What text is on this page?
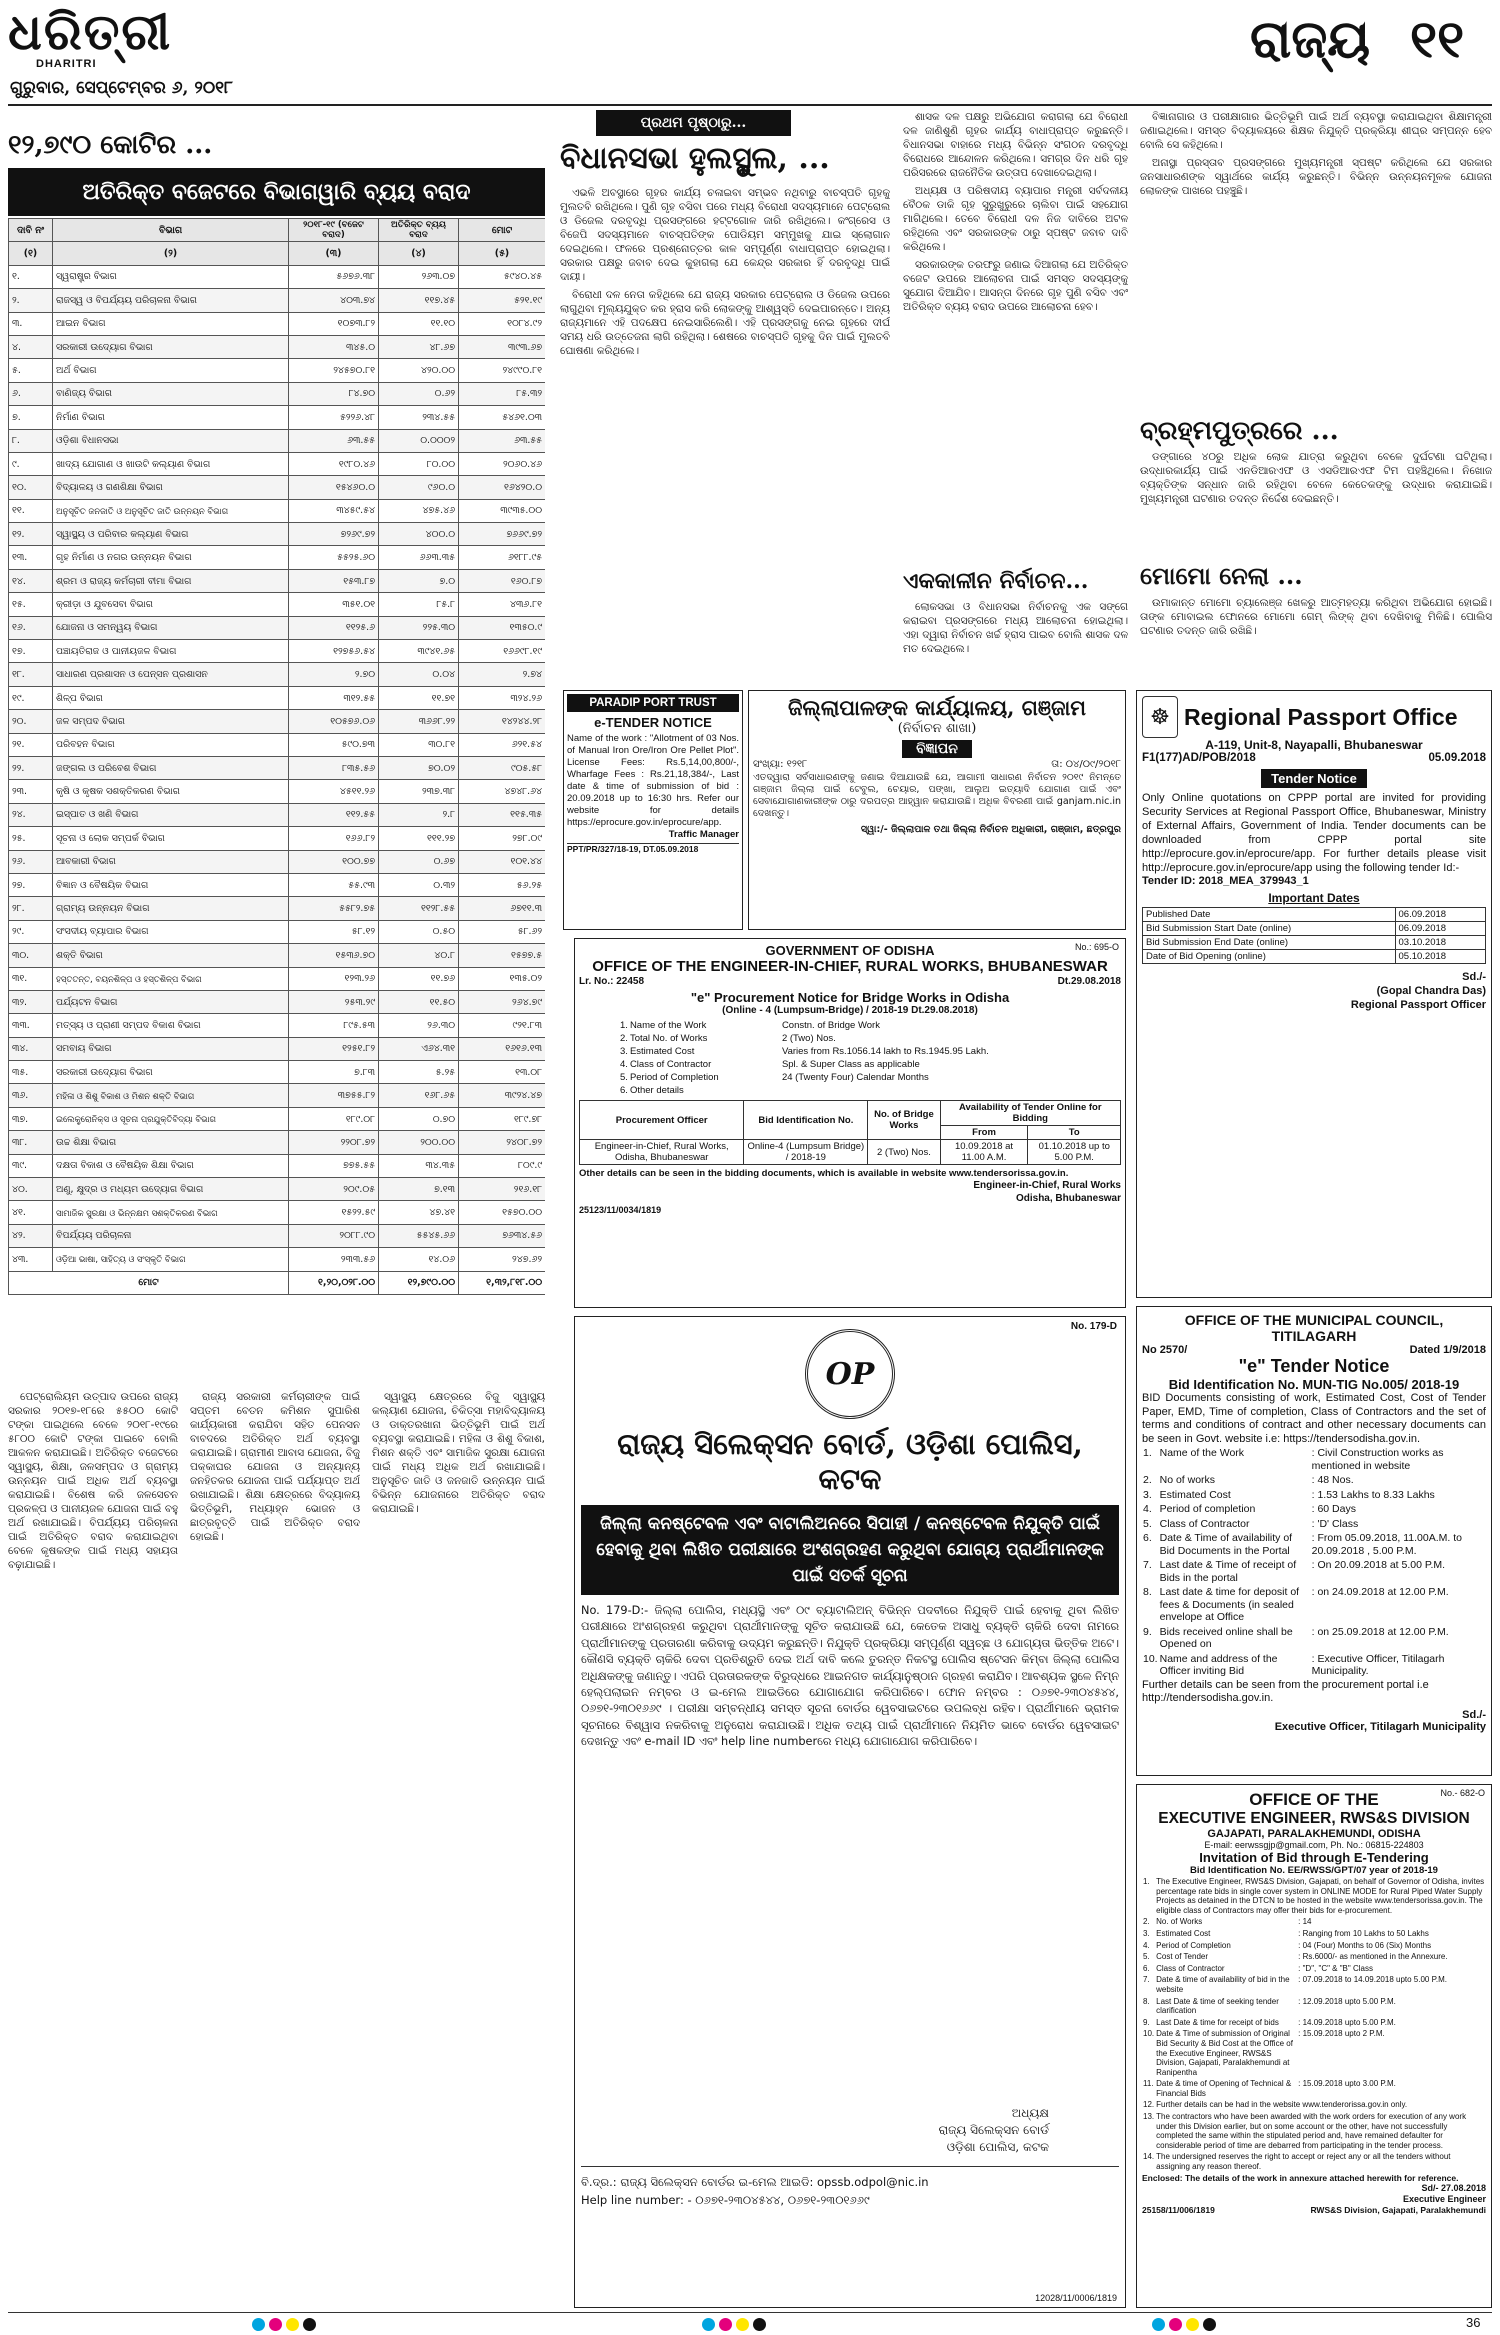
ଧରିତ୍ରୀ
DHARITRI
ଗୁରୁବାର, ସେପ୍ଟେମ୍ବର ୬, ୨୦୧୮
ରାଜ୍ୟ ୧୧
୧୨,୭୯୦ କୋଟିର ...
ଅତିରିକ୍ତ ବଜେଟରେ ବିଭାଗୱାରି ବ୍ୟୟ ବରାଦ
ଦାବି ନଂ	ବିଭାଗ	୨୦୧୮-୧୯ (ବଜେଟ ବରାଦ)	ଅତିରିକ୍ତ ବ୍ୟୟ ବରାଦ	ମୋଟ
(୧)	(୨)	(୩)	(୪)	(୫)
୧.	ସ୍ୱରାଷ୍ଟ୍ର ବିଭାଗ	୫୬୭୬.୩୮	୨୬୩.୦୭	୫୯୪୦.୪୫
୨.	ରାଜସ୍ୱ ଓ ବିପର୍ଯ୍ୟୟ ପରିଚାଳନା ବିଭାଗ	୪୦୩.୭୪	୧୧୭.୪୫	୫୨୧.୧୯
୩.	ଆଇନ ବିଭାଗ	୧୦୭୩.୮୨	୧୧.୧୦	୧୦୮୪.୯୨
୪.	ସରକାରୀ ଉଦ୍ୟୋଗ ବିଭାଗ	୩୪୫.୦	୪୮.୬୭	୩୯୩.୬୭
୫.	ଅର୍ଥ ବିଭାଗ	୨୪୫୭୦.୮୧	୪୨୦.୦୦	୨୪୯୯୦.୮୧
୬.	ବାଣିଜ୍ୟ ବିଭାଗ	୮୪.୭୦	୦.୬୨	୮୫.୩୨
୭.	ନିର୍ମାଣ ବିଭାଗ	୫୨୨୬.୪୮	୨୩୪.୫୫	୫୪୬୧.୦୩
୮.	ଓଡ଼ିଶା ବିଧାନସଭା	୬୩.୫୫	୦.୦୦୦୨	୬୩.୫୫
୯.	ଖାଦ୍ୟ ଯୋଗାଣ ଓ ଖାଉଟି କଲ୍ୟାଣ ବିଭାଗ	୧୯୮୦.୪୬	୮୦.୦୦	୨୦୬୦.୪୬
୧୦.	ବିଦ୍ୟାଳୟ ଓ ଗଣଶିକ୍ଷା ବିଭାଗ	୧୫୪୬୦.୦	୯୬୦.୦	୧୬୪୨୦.୦
୧୧.	ଅନୁସୂଚିତ ଜନଜାତି ଓ ଅନୁସୂଚିତ ଜାତି ଉନ୍ନୟନ ବିଭାଗ	୩୪୫୯.୫୪	୪୭୫.୪୬	୩୯୩୫.୦୦
୧୨.	ସ୍ୱାସ୍ଥ୍ୟ ଓ ପରିବାର କଲ୍ୟାଣ ବିଭାଗ	୭୨୬୯.୭୨	୪୦୦.୦	୭୬୬୯.୭୨
୧୩.	ଗୃହ ନିର୍ମାଣ ଓ ନଗର ଉନ୍ନୟନ ବିଭାଗ	୫୫୨୫.୬୦	୬୬୩.୩୫	୬୧୮୮.୯୫
୧୪.	ଶ୍ରମ ଓ ରାଜ୍ୟ କର୍ମଚାରୀ ବୀମା ବିଭାଗ	୧୫୩.୮୭	୭.୦	୧୬୦.୮୭
୧୫.	କ୍ରୀଡ଼ା ଓ ଯୁବସେବା ବିଭାଗ	୩୫୧.୦୧	୮୫.୮	୪୩୬.୮୧
୧୬.	ଯୋଜନା ଓ ସମନ୍ୱୟ ବିଭାଗ	୧୧୨୫.୬	୨୨୫.୩୦	୧୩୫୦.୯
୧୭.	ପଞ୍ଚାୟତିରାଜ ଓ ପାନୀୟଜଳ ବିଭାଗ	୧୨୭୫୬.୫୪	୩୯୪୧.୬୫	୧୬୬୯୮.୧୯
୧୮.	ସାଧାରଣ ପ୍ରଶାସନ ଓ ପେନ୍‌ସନ ପ୍ରଶାସନ	୨.୭୦	୦.୦୪	୨.୭୪
୧୯.	ଶିଳ୍ପ ବିଭାଗ	୩୧୨.୫୫	୧୧.୭୧	୩୨୪.୨୬
୨୦.	ଜଳ ସମ୍ପଦ ବିଭାଗ	୧୦୫୭୬.୦୬	୩୬୬୮.୨୨	୧୪୨୪୪.୨୮
୨୧.	ପରିବହନ ବିଭାଗ	୫୯୦.୭୩	୩୦.୮୧	୬୨୧.୫୪
୨୨.	ଜଙ୍ଗଲ ଓ ପରିବେଶ ବିଭାଗ	୮୩୫.୫୬	୭୦.୦୨	୯୦୫.୫୮
୨୩.	କୃଷି ଓ କୃଷକ ସଶକ୍ତିକରଣ ବିଭାଗ	୪୫୧୧.୨୬	୨୩୭.୩୮	୪୭୪୮.୬୪
୨୪.	ଇସ୍ପାତ ଓ ଖଣି ବିଭାଗ	୧୧୨.୫୫	୨.୮	୧୧୫.୩୫
୨୫.	ସୂଚନା ଓ ଲୋକ ସମ୍ପର୍କ ବିଭାଗ	୧୬୬.୮୨	୧୧୧.୨୭	୨୭୮.୦୯
୨୬.	ଆବକାରୀ ବିଭାଗ	୧୦୦.୭୭	୦.୬୭	୧୦୧.୪୪
୨୭.	ବିଜ୍ଞାନ ଓ ବୈଷୟିକ ବିଭାଗ	୫୫.୯୩	୦.୩୨	୫୬.୨୫
୨୮.	ଗ୍ରାମ୍ୟ ଉନ୍ନୟନ ବିଭାଗ	୫୫୮୨.୭୫	୧୧୨୮.୫୫	୬୭୧୧.୩
୨୯.	ସଂସଦୀୟ ବ୍ୟାପାର ବିଭାଗ	୫୮.୧୨	୦.୫୦	୫୮.୬୨
୩୦.	ଶକ୍ତି ବିଭାଗ	୧୫୩୬.୭୦	୪୦.୮	୧୫୭୭.୫
୩୧.	ହସ୍ତତନ୍ତ, ବୟନଶିଳ୍ପ ଓ ହସ୍ତଶିଳ୍ପ ବିଭାଗ	୧୨୩.୨୬	୧୧.୭୬	୧୩୫.୦୨
୩୨.	ପର୍ଯ୍ୟଟନ ବିଭାଗ	୨୫୩.୨୯	୧୧.୫୦	୨୬୪.୭୯
୩୩.	ମତ୍ସ୍ୟ ଓ ପ୍ରାଣୀ ସମ୍ପଦ ବିକାଶ ବିଭାଗ	୮୯୫.୫୩	୨୬.୩୦	୯୨୧.୮୩
୩୪.	ସମବାୟ ବିଭାଗ	୧୨୫୧.୮୨	ଏ୬୪.୩୧	୧୬୧୬.୧୩
୩୫.	ସରକାରୀ ଉଦ୍ୟୋଗ ବିଭାଗ	୭.୮୩	୫.୨୫	୧୩.୦୮
୩୬.	ମହିଳା ଓ ଶିଶୁ ବିକାଶ ଓ ମିଶନ ଶକ୍ତି ବିଭାଗ	୩୭୫୫.୮୨	୧୬୮.୬୫	୩୯୨୪.୪୭
୩୭.	ଇଲେକ୍ଟ୍ରୋନିକ୍ସ ଓ ସୂଚନା ପ୍ରଯୁକ୍ତିବିଦ୍ୟା ବିଭାଗ	୧୮୯.୦୮	୦.୭୦	୧୮୯.୭୮
୩୮.	ଉଚ୍ଚ ଶିକ୍ଷା ବିଭାଗ	୨୨୦୮.୭୨	୨୦୦.୦୦	୨୪୦୮.୭୨
୩୯.	ଦକ୍ଷତା ବିକାଶ ଓ ବୈଷୟିକ ଶିକ୍ଷା ବିଭାଗ	୭୭୫.୫୫	୩୪.୩୫	୮୦୯.୯
୪୦.	ଅଣୁ, କ୍ଷୁଦ୍ର ଓ ମଧ୍ୟମ ଉଦ୍ୟୋଗ ବିଭାଗ	୨୦୯.୦୫	୭.୧୩	୨୧୬.୧୮
୪୧.	ସାମାଜିକ ସୁରକ୍ଷା ଓ ଭିନ୍ନକ୍ଷମ ସଶକ୍ତିକରଣ ବିଭାଗ	୧୫୨୨.୫୯	୪୭.୪୧	୧୫୭୦.୦୦
୪୨.	ବିପର୍ଯ୍ୟୟ ପରିଚାଳନା	୨୦୮୮.୯୦	୫୫୪୫.୬୬	୭୬୩୪.୫୬
୪୩.	ଓଡ଼ିଆ ଭାଷା, ସାହିତ୍ୟ ଓ ସଂସ୍କୃତି ବିଭାଗ	୨୩୩.୫୬	୧୪.୦୬	୨୪୭.୬୨
ମୋଟ		୧,୨୦,୦୨୮.୦୦	୧୨,୭୯୦.୦୦	୧,୩୨,୮୧୮.୦୦

ପେଟ୍ରୋଲିୟମ ଉତ୍ପାଦ ଉପରେ ରାଜ୍ୟ ସରକାର ୨୦୧୭-୧୮ରେ ୫୫୦୦ କୋଟି ଟଙ୍କା ପାଇଥିଲେ ବେଳେ ୨୦୧୮-୧୯ରେ ୫୮୦୦ କୋଟି ଟଙ୍କା ପାଇବେ ବୋଲି ଆକଳନ କରାଯାଇଛି। ଅତିରିକ୍ତ ବଜେଟରେ ସ୍ୱାସ୍ଥ୍ୟ, ଶିକ୍ଷା, ଜଳସମ୍ପଦ ଓ ଗ୍ରାମ୍ୟ ଉନ୍ନୟନ ପାଇଁ ଅଧିକ ଅର୍ଥ ବ୍ୟବସ୍ଥା କରାଯାଇଛି। ବିଶେଷ କରି ଜଳସେଚନ ପ୍ରକଳ୍ପ ଓ ପାନୀୟଜଳ ଯୋଜନା ପାଇଁ ବହୁ ଅର୍ଥ ରଖାଯାଇଛି। ବିପର୍ଯ୍ୟୟ ପରିଚାଳନା ପାଇଁ ଅତିରିକ୍ତ ବରାଦ କରାଯାଇଥିବା ବେଳେ କୃଷକଙ୍କ ପାଇଁ ମଧ୍ୟ ସହାୟତା ବଢ଼ାଯାଇଛି।

ରାଜ୍ୟ ସରକାରୀ କର୍ମଚାରୀଙ୍କ ପାଇଁ ସପ୍ତମ ବେତନ କମିଶନ ସୁପାରିଶ କାର୍ଯ୍ୟକାରୀ କରାଯିବା ସହିତ ପେନସନ ବାବଦରେ ଅତିରିକ୍ତ ଅର୍ଥ ବ୍ୟବସ୍ଥା କରାଯାଇଛି। ଗ୍ରାମୀଣ ଆବାସ ଯୋଜନା, ବିଜୁ ପକ୍କାଘର ଯୋଜନା ଓ ଅନ୍ୟାନ୍ୟ ଜନହିତକର ଯୋଜନା ପାଇଁ ପର୍ଯ୍ୟାପ୍ତ ଅର୍ଥ ରଖାଯାଇଛି। ଶିକ୍ଷା କ୍ଷେତ୍ରରେ ବିଦ୍ୟାଳୟ ଭିତ୍ତିଭୂମି, ମଧ୍ୟାହ୍ନ ଭୋଜନ ଓ ଛାତ୍ରବୃତ୍ତି ପାଇଁ ଅତିରିକ୍ତ ବରାଦ ହୋଇଛି।

ସ୍ୱାସ୍ଥ୍ୟ କ୍ଷେତ୍ରରେ ବିଜୁ ସ୍ୱାସ୍ଥ୍ୟ କଲ୍ୟାଣ ଯୋଜନା, ଚିକିତ୍ସା ମହାବିଦ୍ୟାଳୟ ଓ ଡାକ୍ତରଖାନା ଭିତ୍ତିଭୂମି ପାଇଁ ଅର୍ଥ ବ୍ୟବସ୍ଥା କରାଯାଇଛି। ମହିଳା ଓ ଶିଶୁ ବିକାଶ, ମିଶନ ଶକ୍ତି ଏବଂ ସାମାଜିକ ସୁରକ୍ଷା ଯୋଜନା ପାଇଁ ମଧ୍ୟ ଅଧିକ ଅର୍ଥ ରଖାଯାଇଛି। ଅନୁସୂଚିତ ଜାତି ଓ ଜନଜାତି ଉନ୍ନୟନ ପାଇଁ ବିଭିନ୍ନ ଯୋଜନାରେ ଅତିରିକ୍ତ ବରାଦ କରାଯାଇଛି।

ପ୍ରଥମ ପୃଷ୍ଠାରୁ...
ବିଧାନସଭା ହୁଲସ୍ଥୁଲ, ...

ଏଭଳି ଅବସ୍ଥାରେ ଗୃହର କାର୍ଯ୍ୟ ଚଳାଇବା ସମ୍ଭବ ନଥିବାରୁ ବାଚସ୍ପତି ଗୃହକୁ ମୁଲତବି ରଖିଥିଲେ। ପୁଣି ଗୃହ ବସିବା ପରେ ମଧ୍ୟ ବିରୋଧୀ ସଦସ୍ୟମାନେ ପେଟ୍ରୋଲ ଓ ଡିଜେଲ ଦରବୃଦ୍ଧି ପ୍ରସଙ୍ଗରେ ହଟ୍ଟଗୋଳ ଜାରି ରଖିଥିଲେ। କଂଗ୍ରେସ ଓ ବିଜେପି ସଦସ୍ୟମାନେ ବାଚସ୍ପତିଙ୍କ ପୋଡିୟମ ସମ୍ମୁଖକୁ ଯାଇ ସ୍ଲୋଗାନ ଦେଇଥିଲେ। ଫଳରେ ପ୍ରଶ୍ନୋତ୍ତର କାଳ ସମ୍ପୂର୍ଣ୍ଣ ବାଧାପ୍ରାପ୍ତ ହୋଇଥିଲା। ସରକାର ପକ୍ଷରୁ ଜବାବ ଦେଇ କୁହାଗଲା ଯେ କେନ୍ଦ୍ର ସରକାର ହିଁ ଦରବୃଦ୍ଧି ପାଇଁ ଦାୟୀ।

ବିରୋଧୀ ଦଳ ନେତା କହିଥିଲେ ଯେ ରାଜ୍ୟ ସରକାର ପେଟ୍ରୋଲ ଓ ଡିଜେଲ ଉପରେ ଲାଗୁଥିବା ମୂଲ୍ୟଯୁକ୍ତ କର ହ୍ରାସ କରି ଲୋକଙ୍କୁ ଆଶ୍ୱସ୍ତି ଦେଇପାରନ୍ତେ। ଅନ୍ୟ ରାଜ୍ୟମାନେ ଏହି ପଦକ୍ଷେପ ନେଇସାରିଲେଣି। ଏହି ପ୍ରସଙ୍ଗକୁ ନେଇ ଗୃହରେ ଦୀର୍ଘ ସମୟ ଧରି ଉତ୍ତେଜନା ଲାଗି ରହିଥିଲା। ଶେଷରେ ବାଚସ୍ପତି ଗୃହକୁ ଦିନ ପାଇଁ ମୁଲତବି ଘୋଷଣା କରିଥିଲେ।

ଶାସକ ଦଳ ପକ୍ଷରୁ ଅଭିଯୋଗ କରାଗଲା ଯେ ବିରୋଧୀ ଦଳ ଜାଣିଶୁଣି ଗୃହର କାର୍ଯ୍ୟ ବାଧାପ୍ରାପ୍ତ କରୁଛନ୍ତି। ବିଧାନସଭା ବାହାରେ ମଧ୍ୟ ବିଭିନ୍ନ ସଂଗଠନ ଦରବୃଦ୍ଧି ବିରୋଧରେ ଆନ୍ଦୋଳନ କରିଥିଲେ। ସମଗ୍ର ଦିନ ଧରି ଗୃହ ପରିସରରେ ରାଜନୈତିକ ଉତ୍ତାପ ଦେଖାଦେଇଥିଲା।

ଅଧ୍ୟକ୍ଷ ଓ ପରିଷଦୀୟ ବ୍ୟାପାର ମନ୍ତ୍ରୀ ସର୍ବଦଳୀୟ ବୈଠକ ଡାକି ଗୃହ ସୁରୁଖୁରୁରେ ଚାଲିବା ପାଇଁ ସହଯୋଗ ମାଗିଥିଲେ। ତେବେ ବିରୋଧୀ ଦଳ ନିଜ ଦାବିରେ ଅଟଳ ରହିଥିଲେ ଏବଂ ସରକାରଙ୍କ ଠାରୁ ସ୍ପଷ୍ଟ ଜବାବ ଦାବି କରିଥିଲେ।

ସରକାରଙ୍କ ତରଫରୁ ଜଣାଇ ଦିଆଗଲା ଯେ ଅତିରିକ୍ତ ବଜେଟ ଉପରେ ଆଲୋଚନା ପାଇଁ ସମସ୍ତ ସଦସ୍ୟଙ୍କୁ ସୁଯୋଗ ଦିଆଯିବ। ଆସନ୍ତା ଦିନରେ ଗୃହ ପୁଣି ବସିବ ଏବଂ ଅତିରିକ୍ତ ବ୍ୟୟ ବରାଦ ଉପରେ ଆଲୋଚନା ହେବ।

ଏକକାଳୀନ ନିର୍ବାଚନ...

ଲୋକସଭା ଓ ବିଧାନସଭା ନିର୍ବାଚନକୁ ଏକ ସଙ୍ଗେ କରାଇବା ପ୍ରସଙ୍ଗରେ ମଧ୍ୟ ଆଲୋଚନା ହୋଇଥିଲା। ଏହା ଦ୍ୱାରା ନିର୍ବାଚନ ଖର୍ଚ୍ଚ ହ୍ରାସ ପାଇବ ବୋଲି ଶାସକ ଦଳ ମତ ଦେଇଥିଲେ।

ବିଜ୍ଞାନାଗାର ଓ ପରୀକ୍ଷାଗାର ଭିତ୍ତିଭୂମି ପାଇଁ ଅର୍ଥ ବ୍ୟବସ୍ଥା କରାଯାଇଥିବା ଶିକ୍ଷାମନ୍ତ୍ରୀ ଜଣାଇଥିଲେ। ସମସ୍ତ ବିଦ୍ୟାଳୟରେ ଶିକ୍ଷକ ନିଯୁକ୍ତି ପ୍ରକ୍ରିୟା ଶୀଘ୍ର ସମ୍ପନ୍ନ ହେବ ବୋଲି ସେ କହିଥିଲେ।

ଅନାସ୍ଥା ପ୍ରସ୍ତାବ ପ୍ରସଙ୍ଗରେ ମୁଖ୍ୟମନ୍ତ୍ରୀ ସ୍ପଷ୍ଟ କରିଥିଲେ ଯେ ସରକାର ଜନସାଧାରଣଙ୍କ ସ୍ୱାର୍ଥରେ କାର୍ଯ୍ୟ କରୁଛନ୍ତି। ବିଭିନ୍ନ ଉନ୍ନୟନମୂଳକ ଯୋଜନା ଲୋକଙ୍କ ପାଖରେ ପହଞ୍ଚୁଛି।

ବ୍ରହ୍ମପୁତ୍ରରେ ...

ଡଙ୍ଗାରେ ୪୦ରୁ ଅଧିକ ଲୋକ ଯାତ୍ରା କରୁଥିବା ବେଳେ ଦୁର୍ଘଟଣା ଘଟିଥିଲା। ଉଦ୍ଧାରକାର୍ଯ୍ୟ ପାଇଁ ଏନଡିଆରଏଫ ଓ ଏସଡିଆରଏଫ ଟିମ ପହଞ୍ଚିଥିଲେ। ନିଖୋଜ ବ୍ୟକ୍ତିଙ୍କ ସନ୍ଧାନ ଜାରି ରହିଥିବା ବେଳେ କେତେକଙ୍କୁ ଉଦ୍ଧାର କରାଯାଇଛି। ମୁଖ୍ୟମନ୍ତ୍ରୀ ଘଟଣାର ତଦନ୍ତ ନିର୍ଦ୍ଦେଶ ଦେଇଛନ୍ତି।

ମୋମୋ ନେଲା ...

ଉମାକାନ୍ତ ମୋମୋ ଚ୍ୟାଲେଞ୍ଜ ଖେଳରୁ ଆତ୍ମହତ୍ୟା କରିଥିବା ଅଭିଯୋଗ ହୋଇଛି। ତାଙ୍କ ମୋବାଇଲ ଫୋନରେ ମୋମୋ ଗେମ୍ ଲିଙ୍କ୍ ଥିବା ଦେଖିବାକୁ ମିଳିଛି। ପୋଲିସ ଘଟଣାର ତଦନ୍ତ ଜାରି ରଖିଛି।

PARADIP PORT TRUST
e-TENDER NOTICE
Name of the work : "Allotment of 03 Nos. of Manual Iron Ore/Iron Ore Pellet Plot". License Fees: Rs.5,14,00,800/-, Wharfage Fees : Rs.21,18,384/-, Last date & time of submission of bid : 20.09.2018 up to 16:30 hrs. Refer our website for details https://eprocure.gov.in/eprocure/app.
Traffic Manager
PPT/PR/327/18-19, DT.05.09.2018
ଜିଲ୍ଲାପାଳଙ୍କ କାର୍ଯ୍ୟାଳୟ, ଗଞ୍ଜାମ
(ନିର୍ବାଚନ ଶାଖା)
ବିଜ୍ଞାପନ
ସଂଖ୍ୟା: ୧୨୧୮	ତା: ୦୪/୦୯/୨୦୧୮
ଏତଦ୍ୱାରା ସର୍ବସାଧାରଣଙ୍କୁ ଜଣାଇ ଦିଆଯାଉଛି ଯେ, ଆଗାମୀ ସାଧାରଣ ନିର୍ବାଚନ ୨୦୧୯ ନିମନ୍ତେ ଗଞ୍ଜାମ ଜିଲ୍ଲା ପାଇଁ ଟେବୁଲ, ଚେୟାର, ପଙ୍ଖା, ଆଲୁଅ ଇତ୍ୟାଦି ଯୋଗାଣ ପାଇଁ ଏବଂ ସେବାଯୋଗାଣକାରୀଙ୍କ ଠାରୁ ଦରପତ୍ର ଆହ୍ୱାନ କରାଯାଉଛି। ଅଧିକ ବିବରଣୀ ପାଇଁ ganjam.nic.in ଦେଖନ୍ତୁ।
ସ୍ୱା:/- ଜିଲ୍ଲାପାଳ ତଥା ଜିଲ୍ଲା ନିର୍ବାଚନ ଅଧିକାରୀ, ଗଞ୍ଜାମ, ଛତ୍ରପୁର
☸ Regional Passport Office
A-119, Unit-8, Nayapalli, Bhubaneswar
F1(177)AD/POB/2018	05.09.2018
Tender Notice
Only Online quotations on CPPP portal are invited for providing Security Services at Regional Passport Office, Bhubaneswar, Ministry of External Affairs, Government of India. Tender documents can be downloaded from CPPP portal site http://eprocure.gov.in/eprocure/app. For further details please visit http://eprocure.gov.in/eprocure/app using the following tender Id:-
Tender ID: 2018_MEA_379943_1
Important Dates
Published Date	06.09.2018
Bid Submission Start Date (online)	06.09.2018
Bid Submission End Date (online)	03.10.2018
Date of Bid Opening (online)	05.10.2018
Sd./-
(Gopal Chandra Das)
Regional Passport Officer
No.: 695-O
GOVERNMENT OF ODISHA
OFFICE OF THE ENGINEER-IN-CHIEF, RURAL WORKS, BHUBANESWAR
Lr. No.: 22458	Dt.29.08.2018
"e" Procurement Notice for Bridge Works in Odisha
(Online - 4 (Lumpsum-Bridge) / 2018-19 Dt.29.08.2018)
1.	Name of the Work	Constn. of Bridge Work
2.	Total No. of Works	2 (Two) Nos.
3.	Estimated Cost	Varies from Rs.1056.14 lakh to Rs.1945.95 Lakh.
4.	Class of Contractor	Spl. & Super Class as applicable
5.	Period of Completion	24 (Twenty Four) Calendar Months
6.	Other details	
Procurement Officer	Bid Identification No.	No. of Bridge Works	Availability of Tender Online for Bidding	
			From	To
Engineer-in-Chief, Rural Works, Odisha, Bhubaneswar	Online-4 (Lumpsum Bridge) / 2018-19	2 (Two) Nos.	10.09.2018 at 11.00 A.M.	01.10.2018 up to 5.00 P.M.
Other details can be seen in the bidding documents, which is available in website www.tendersorissa.gov.in.
Engineer-in-Chief, Rural Works
Odisha, Bhubaneswar
25123/11/0034/1819
OFFICE OF THE MUNICIPAL COUNCIL, TITILAGARH
No 2570/	Dated 1/9/2018
"e" Tender Notice
Bid Identification No. MUN-TIG No.005/ 2018-19
BID Documents consisting of work, Estimated Cost, Cost of Tender Paper, EMD, Time of completion, Class of Contractors and the set of terms and conditions of contract and other necessary documents can be seen in Govt. website i.e: https://tendersodisha.gov.in.
1.	Name of the Work	: Civil Construction works as mentioned in website
2.	No of works	: 48 Nos.
3.	Estimated Cost	: 1.53 Lakhs to 8.33 Lakhs
4.	Period of completion	: 60 Days
5.	Class of Contractor	: 'D' Class
6.	Date & Time of availability of Bid Documents in the Portal	: From 05.09.2018, 11.00A.M. to 20.09.2018 , 5.00 P.M.
7.	Last date & Time of receipt of Bids in the portal	: On 20.09.2018 at 5.00 P.M.
8.	Last date & time for deposit of fees & Documents (in sealed envelope at Office	: on 24.09.2018 at 12.00 P.M.
9.	Bids received online shall be Opened on	: on 25.09.2018 at 12.00 P.M.
10.	Name and address of the Officer inviting Bid	: Executive Officer, Titilagarh Municipality.
Further details can be seen from the procurement portal i.e http://tendersodisha.gov.in.
Sd./-
Executive Officer, Titilagarh Municipality
No. 179-D
OP
ରାଜ୍ୟ ସିଲେକ୍ସନ ବୋର୍ଡ, ଓଡ଼ିଶା ପୋଲିସ, କଟକ
ଜିଲ୍ଲା କନଷ୍ଟେବଳ ଏବଂ ବାଟାଲିଅନରେ ସିପାହୀ / କନଷ୍ଟେବଳ ନିଯୁକ୍ତି ପାଇଁ ହେବାକୁ ଥିବା ଲିଖିତ ପରୀକ୍ଷାରେ ଅଂଶଗ୍ରହଣ କରୁଥିବା ଯୋଗ୍ୟ ପ୍ରାର୍ଥୀମାନଙ୍କ ପାଇଁ ସତର୍କ ସୂଚନା
No. 179-D:- ଜିଲ୍ଲା ପୋଲିସ, ମଧ୍ୟସ୍ଥି ଏବଂ ୦୯ ବ୍ୟାଟାଲିଅନ୍ ବିଭିନ୍ନ ପଦବୀରେ ନିଯୁକ୍ତି ପାଇଁ ହେବାକୁ ଥିବା ଲିଖିତ ପରୀକ୍ଷାରେ ଅଂଶଗ୍ରହଣ କରୁଥିବା ପ୍ରାର୍ଥୀମାନଙ୍କୁ ସୂଚିତ କରାଯାଉଛି ଯେ, କେତେକ ଅସାଧୁ ବ୍ୟକ୍ତି ଚାକିରି ଦେବା ନାମରେ ପ୍ରାର୍ଥୀମାନଙ୍କୁ ପ୍ରତାରଣା କରିବାକୁ ଉଦ୍ୟମ କରୁଛନ୍ତି। ନିଯୁକ୍ତି ପ୍ରକ୍ରିୟା ସମ୍ପୂର୍ଣ୍ଣ ସ୍ୱଚ୍ଛ ଓ ଯୋଗ୍ୟତା ଭିତ୍ତିକ ଅଟେ। କୌଣସି ବ୍ୟକ୍ତି ଚାକିରି ଦେବା ପ୍ରତିଶ୍ରୁତି ଦେଇ ଅର୍ଥ ଦାବି କଲେ ତୁରନ୍ତ ନିକଟସ୍ଥ ପୋଲିସ ଷ୍ଟେସନ କିମ୍ବା ଜିଲ୍ଲା ପୋଲିସ ଅଧିକ୍ଷକଙ୍କୁ ଜଣାନ୍ତୁ। ଏପରି ପ୍ରତାରକଙ୍କ ବିରୁଦ୍ଧରେ ଆଇନଗତ କାର୍ଯ୍ୟାନୁଷ୍ଠାନ ଗ୍ରହଣ କରାଯିବ। ଆବଶ୍ୟକ ସ୍ଥଳେ ନିମ୍ନ ହେଲ୍ପଲାଇନ ନମ୍ବର ଓ ଇ-ମେଲ ଆଇଡିରେ ଯୋଗାଯୋଗ କରିପାରିବେ। ଫୋନ ନମ୍ବର : ୦୬୭୧-୨୩୦୪୫୪୪, ୦୬୭୧-୨୩୦୧୬୬୯ । ପରୀକ୍ଷା ସମ୍ବନ୍ଧୀୟ ସମସ୍ତ ସୂଚନା ବୋର୍ଡର ୱେବସାଇଟରେ ଉପଲବ୍ଧ ରହିବ। ପ୍ରାର୍ଥୀମାନେ ଭ୍ରାମକ ସୂଚନାରେ ବିଶ୍ୱାସ ନକରିବାକୁ ଅନୁରୋଧ କରାଯାଉଛି। ଅଧିକ ତଥ୍ୟ ପାଇଁ ପ୍ରାର୍ଥୀମାନେ ନିୟମିତ ଭାବେ ବୋର୍ଡର ୱେବସାଇଟ ଦେଖନ୍ତୁ ଏବଂ e-mail ID ଏବଂ help line numberରେ ମଧ୍ୟ ଯୋଗାଯୋଗ କରିପାରିବେ।
ଅଧ୍ୟକ୍ଷ
ରାଜ୍ୟ ସିଲେକ୍ସନ ବୋର୍ଡ
ଓଡ଼ିଶା ପୋଲିସ, କଟକ
ବି.ଦ୍ର.: ରାଜ୍ୟ ସିଲେକ୍ସନ ବୋର୍ଡର ଇ-ମେଲ ଆଇଡି: opssb.odpol@nic.in
Help line number: - ୦୬୭୧-୨୩୦୪୫୪୪, ୦୬୭୧-୨୩୦୧୬୬୯
12028/11/0006/1819
No.- 682-O
OFFICE OF THE
EXECUTIVE ENGINEER, RWS&S DIVISION
GAJAPATI, PARALAKHEMUNDI, ODISHA
E-mail: eerwssgjp@gmail.com, Ph. No.: 06815-224803
Invitation of Bid through E-Tendering
Bid Identification No. EE/RWSS/GPT/07 year of 2018-19
1.	The Executive Engineer, RWS&S Division, Gajapati, on behalf of Governor of Odisha, invites percentage rate bids in single cover system in ONLINE MODE for Rural Piped Water Supply Projects as detained in the DTCN to be hosted in the website www.tendersorissa.gov.in. The eligible class of Contractors may offer their bids for e-procurement.	
2.	No. of Works	: 14
3.	Estimated Cost	: Ranging from 10 Lakhs to 50 Lakhs
4.	Period of Completion	: 04 (Four) Months to 06 (Six) Months
5.	Cost of Tender	: Rs.6000/- as mentioned in the Annexure.
6.	Class of Contractor	: "D", "C" & "B" Class
7.	Date & time of availability of bid in the website	: 07.09.2018 to 14.09.2018 upto 5.00 P.M.
8.	Last Date & time of seeking tender clarification	: 12.09.2018 upto 5.00 P.M.
9.	Last Date & time for receipt of bids	: 14.09.2018 upto 5.00 P.M.
10.	Date & Time of submission of Original Bid Security & Bid Cost at the Office of the Executive Engineer, RWS&S Division, Gajapati, Paralakhemundi at Ranipentha	: 15.09.2018 upto 2 P.M.
11.	Date & time of Opening of Technical & Financial Bids	: 15.09.2018 upto 3.00 P.M.
12.	Further details can be had in the website www.tenderorissa.gov.in only.	
13.	The contractors who have been awarded with the work orders for execution of any work under this Division earlier, but on some account or the other, have not successfully completed the same within the stipulated period and, have remained defaulter for considerable period of time are debarred from participating in the tender process.	
14.	The undersigned reserves the right to accept or reject any or all the tenders without assigning any reason thereof.	
Enclosed: The details of the work in annexure attached herewith for reference.
Sd/- 27.08.2018
Executive Engineer
25158/11/006/1819	RWS&S Division, Gajapati, Paralakhemundi
36
